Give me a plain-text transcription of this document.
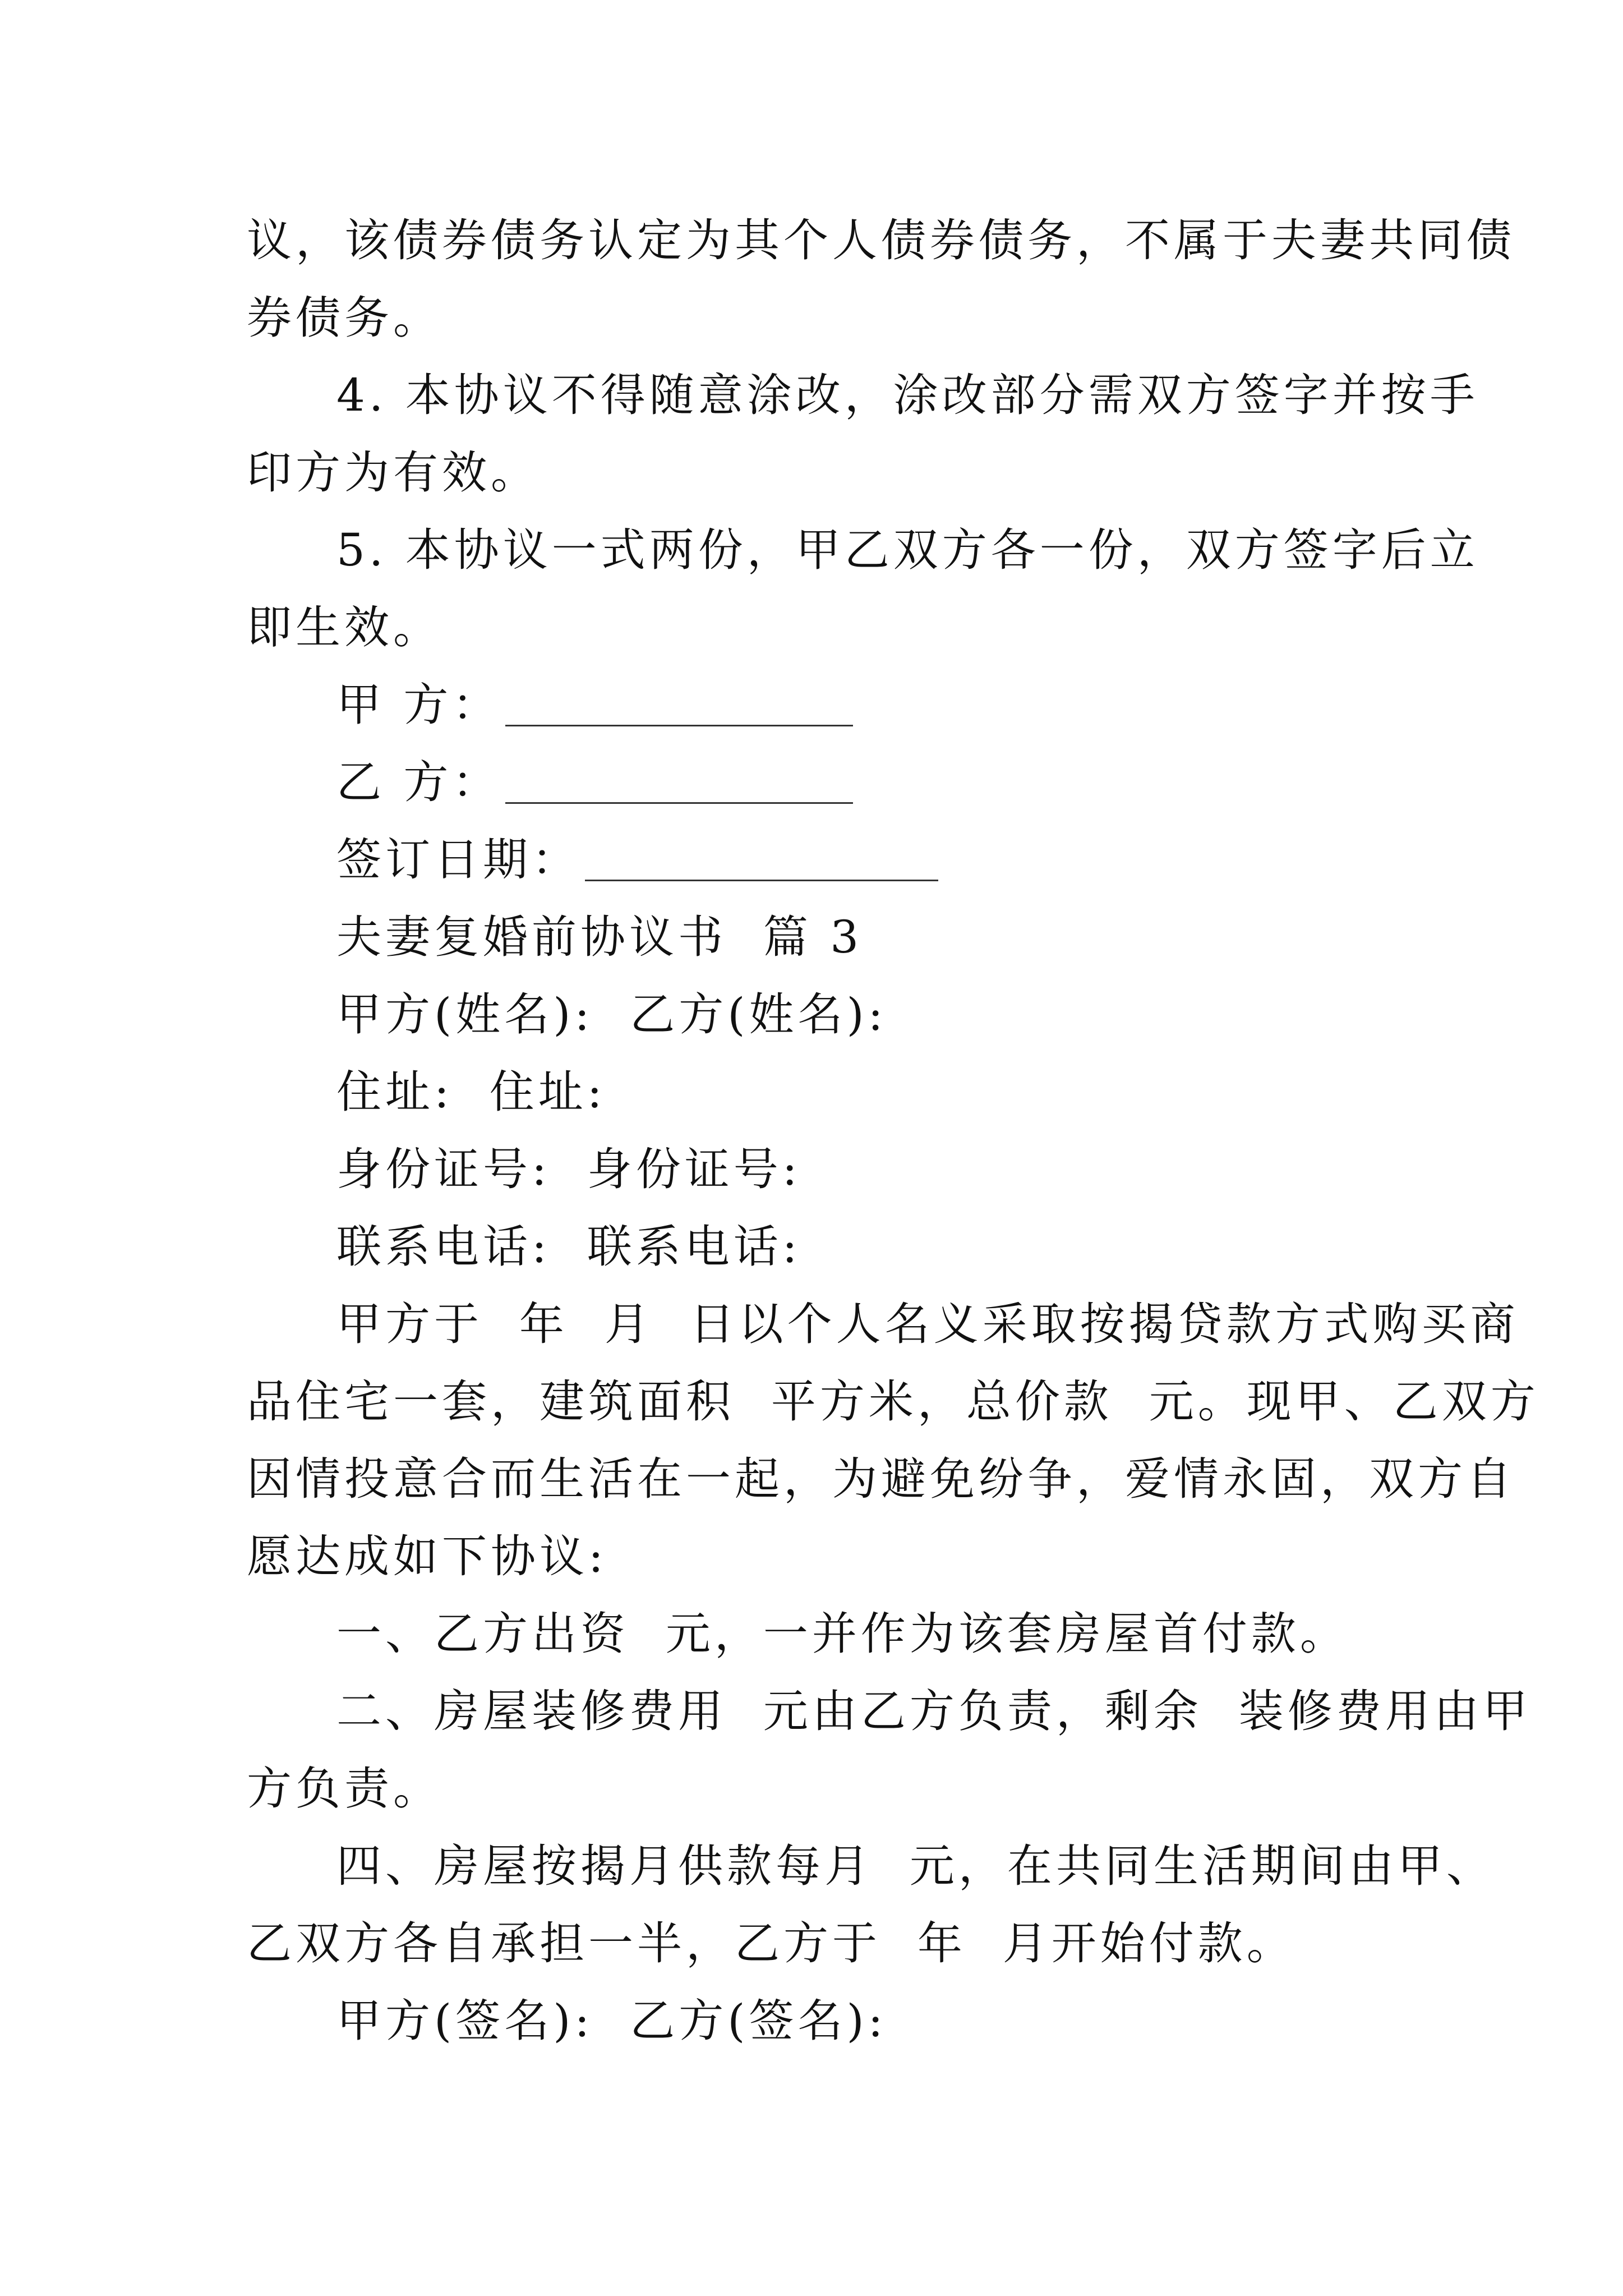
议，该债券债务认定为其个人债券债务，不属于夫妻共同债
券债务。
4. 本协议不得随意涂改，涂改部分需双方签字并按手
印方为有效。
5. 本协议一式两份，甲乙双方各一份，双方签字后立
即生效。
甲 方：
乙 方：
签订日期：
夫妻复婚前协议书  篇 3
甲方(姓名):  乙方(姓名):
住址:  住址:
身份证号:  身份证号:
联系电话:  联系电话:
甲方于  年  月  日以个人名义采取按揭贷款方式购买商
品住宅一套，建筑面积  平方米，总价款  元。现甲、乙双方
因情投意合而生活在一起，为避免纷争，爱情永固，双方自
愿达成如下协议:
一、乙方出资  元，一并作为该套房屋首付款。
二、房屋装修费用  元由乙方负责，剩余  装修费用由甲
方负责。
四、房屋按揭月供款每月  元，在共同生活期间由甲、
乙双方各自承担一半，乙方于  年  月开始付款。
甲方(签名):  乙方(签名):
